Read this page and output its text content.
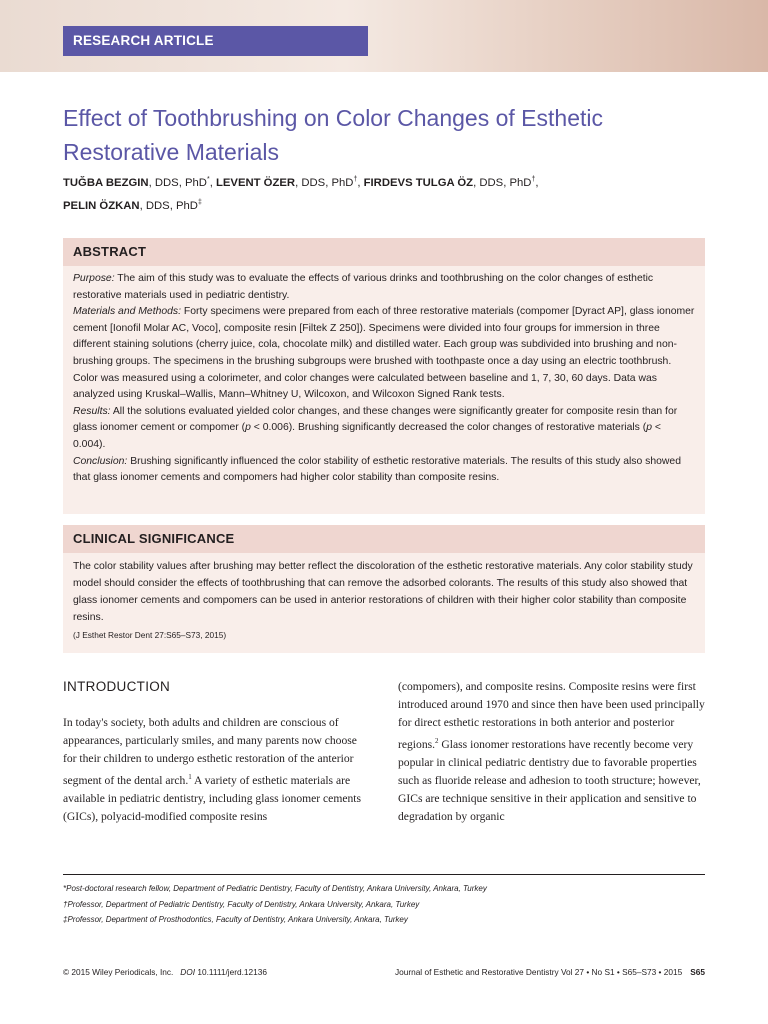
RESEARCH ARTICLE
Effect of Toothbrushing on Color Changes of Esthetic Restorative Materials
TUĞBA BEZGIN, DDS, PhD*, LEVENT ÖZER, DDS, PhD†, FIRDEVS TULGA ÖZ, DDS, PhD†,
PELIN ÖZKAN, DDS, PhD‡
ABSTRACT

Purpose: The aim of this study was to evaluate the effects of various drinks and toothbrushing on the color changes of esthetic restorative materials used in pediatric dentistry.

Materials and Methods: Forty specimens were prepared from each of three restorative materials (compomer [Dyract AP], glass ionomer cement [Ionofil Molar AC, Voco], composite resin [Filtek Z 250]). Specimens were divided into four groups for immersion in three different staining solutions (cherry juice, cola, chocolate milk) and distilled water. Each group was subdivided into brushing and non-brushing groups. The specimens in the brushing subgroups were brushed with toothpaste once a day using an electric toothbrush. Color was measured using a colorimeter, and color changes were calculated between baseline and 1, 7, 30, 60 days. Data was analyzed using Kruskal–Wallis, Mann–Whitney U, Wilcoxon, and Wilcoxon Signed Rank tests.

Results: All the solutions evaluated yielded color changes, and these changes were significantly greater for composite resin than for glass ionomer cement or compomer (p < 0.006). Brushing significantly decreased the color changes of restorative materials (p < 0.004).

Conclusion: Brushing significantly influenced the color stability of esthetic restorative materials. The results of this study also showed that glass ionomer cements and compomers had higher color stability than composite resins.

CLINICAL SIGNIFICANCE

The color stability values after brushing may better reflect the discoloration of the esthetic restorative materials. Any color stability study model should consider the effects of toothbrushing that can remove the adsorbed colorants. The results of this study also showed that glass ionomer cements and compomers can be used in anterior restorations of children with their higher color stability than composite resins.

(J Esthet Restor Dent 27:S65–S73, 2015)
INTRODUCTION

In today's society, both adults and children are conscious of appearances, particularly smiles, and many parents now choose for their children to undergo esthetic restoration of the anterior segment of the dental arch.$^1$ A variety of esthetic materials are available in pediatric dentistry, including glass ionomer cements (GICs), polyacid-modified composite resins

(compomers), and composite resins. Composite resins were first introduced around 1970 and since then have been used principally for direct esthetic restorations in both anterior and posterior regions.$^2$ Glass ionomer restorations have recently become very popular in clinical pediatric dentistry due to favorable properties such as fluoride release and adhesion to tooth structure; however, GICs are technique sensitive in their application and sensitive to degradation by organic

*Post-doctoral research fellow, Department of Pediatric Dentistry, Faculty of Dentistry, Ankara University, Ankara, Turkey
†Professor, Department of Pediatric Dentistry, Faculty of Dentistry, Ankara University, Ankara, Turkey
‡Professor, Department of Prosthodontics, Faculty of Dentistry, Ankara University, Ankara, Turkey
© 2015 Wiley Periodicals, Inc. DOI 10.1111/jerd.12136	Journal of Esthetic and Restorative Dentistry Vol 27 • No S1 • S65–S73 • 2015 S65
